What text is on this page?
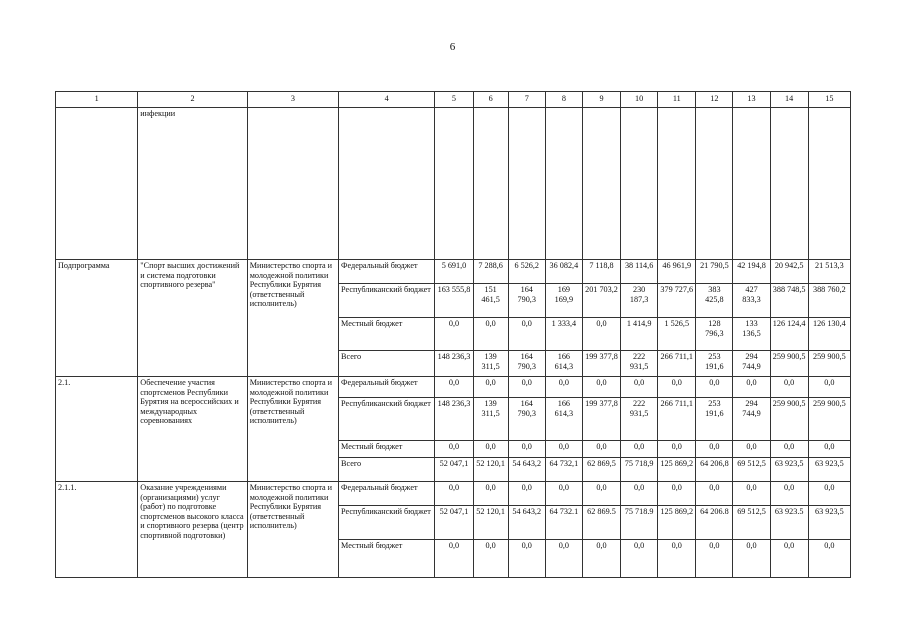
6
1	2	3	4	5	6	7	8	9	10	11	12	13	14	15
	инфекции													
Подпрограмма	"Спорт высших достижений и система подготовки спортивного резерва"	Министерство спорта и молодежной политики Республики Бурятия (ответственный исполнитель)	Федеральный бюджет	5 691,0	7 288,6	6 526,2	36 082,4	7 118,8	38 114,6	46 961,9	21 790,5	42 194,8	20 942,5	21 513,3
			Республиканский бюджет	163 555,8	151 461,5	164 790,3	169 169,9	201 703,2	230 187,3	379 727,6	383 425,8	427 833,3	388 748,5	388 760,2
			Местный бюджет	0,0	0,0	0,0	1 333,4	0,0	1 414,9	1 526,5	128 796,3	133 136,5	126 124,4	126 130,4
			Всего	148 236,3	139 311,5	164 790,3	166 614,3	199 377,8	222 931,5	266 711,1	253 191,6	294 744,9	259 900,5	259 900,5
2.1.	Обеспечение участия спортсменов Республики Бурятия на всероссийских и международных соревнованиях	Министерство спорта и молодежной политики Республики Бурятия (ответственный исполнитель)	Федеральный бюджет	0,0	0,0	0,0	0,0	0,0	0,0	0,0	0,0	0,0	0,0	0,0
			Республиканский бюджет	148 236,3	139 311,5	164 790,3	166 614,3	199 377,8	222 931,5	266 711,1	253 191,6	294 744,9	259 900,5	259 900,5
			Местный бюджет	0,0	0,0	0,0	0,0	0,0	0,0	0,0	0,0	0,0	0,0	0,0
			Всего	52 047,1	52 120,1	54 643,2	64 732,1	62 869,5	75 718,9	125 869,2	64 206,8	69 512,5	63 923,5	63 923,5
2.1.1.	Оказание учреждениями (организациями) услуг (работ) по подготовке спортсменов высокого класса и спортивного резерва (центр спортивной подготовки)	Министерство спорта и молодежной политики Республики Бурятия (ответственный исполнитель)	Федеральный бюджет	0,0	0,0	0,0	0,0	0,0	0,0	0,0	0,0	0,0	0,0	0,0
			Республиканский бюджет	52 047,1	52 120,1	54 643,2	64 732.1	62 869.5	75 718.9	125 869,2	64 206.8	69 512,5	63 923.5	63 923,5
			Местный бюджет	0,0	0,0	0,0	0,0	0,0	0,0	0,0	0,0	0,0	0,0	0,0
